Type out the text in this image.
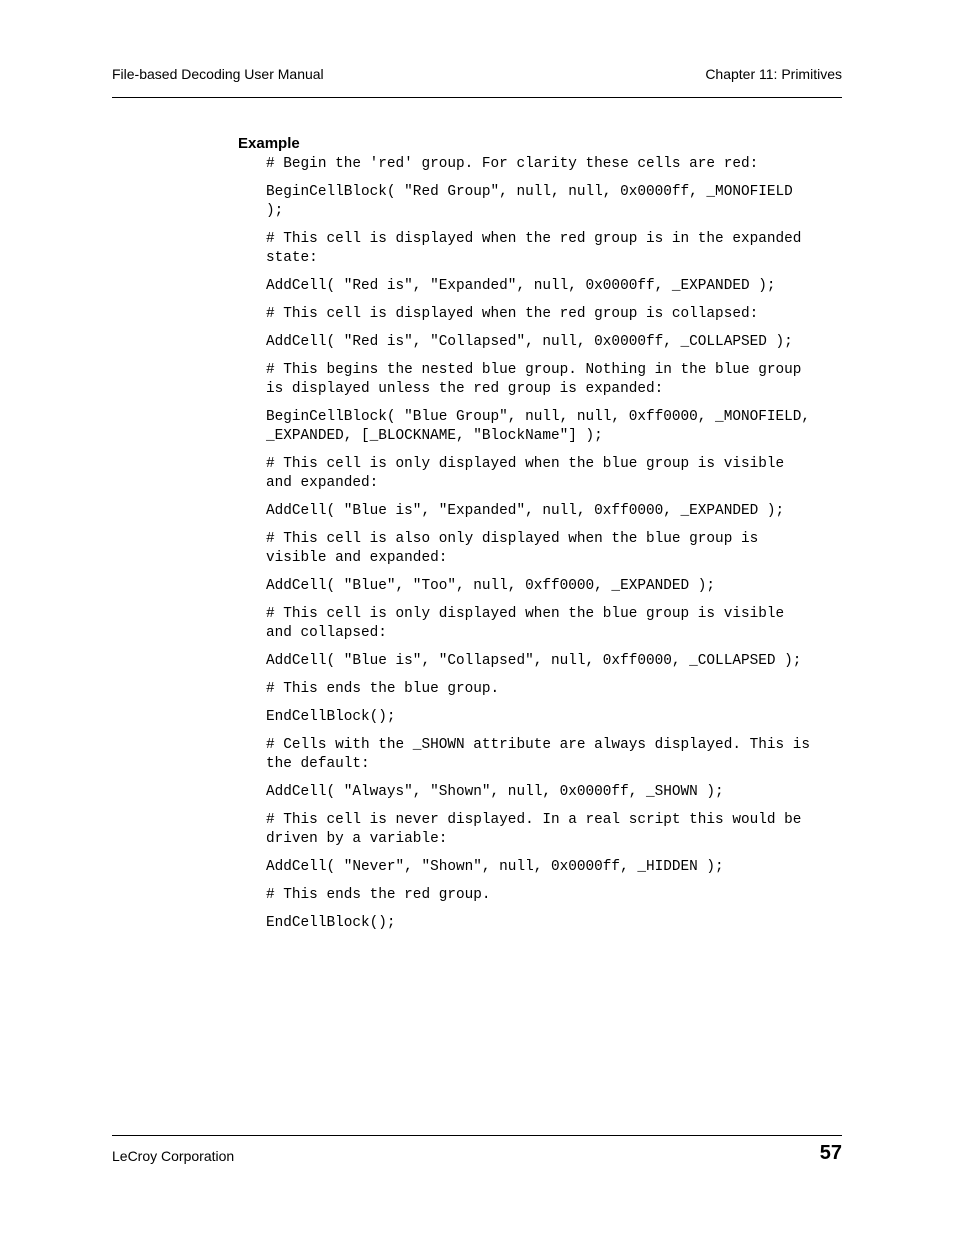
File-based Decoding User Manual	Chapter 11: Primitives
Example
# Begin the 'red' group. For clarity these cells are red:
BeginCellBlock( "Red Group", null, null, 0x0000ff, _MONOFIELD
);
# This cell is displayed when the red group is in the expanded
state:
AddCell( "Red is", "Expanded", null, 0x0000ff, _EXPANDED );
# This cell is displayed when the red group is collapsed:
AddCell( "Red is", "Collapsed", null, 0x0000ff, _COLLAPSED );
# This begins the nested blue group. Nothing in the blue group
is displayed unless the red group is expanded:
BeginCellBlock( "Blue Group", null, null, 0xff0000, _MONOFIELD,
_EXPANDED, [_BLOCKNAME, "BlockName"] );
# This cell is only displayed when the blue group is visible
and expanded:
AddCell( "Blue is", "Expanded", null, 0xff0000, _EXPANDED );
# This cell is also only displayed when the blue group is
visible and expanded:
AddCell( "Blue", "Too", null, 0xff0000, _EXPANDED );
# This cell is only displayed when the blue group is visible
and collapsed:
AddCell( "Blue is", "Collapsed", null, 0xff0000, _COLLAPSED );
# This ends the blue group.
EndCellBlock();
# Cells with the _SHOWN attribute are always displayed. This is
the default:
AddCell( "Always", "Shown", null, 0x0000ff, _SHOWN );
# This cell is never displayed. In a real script this would be
driven by a variable:
AddCell( "Never", "Shown", null, 0x0000ff, _HIDDEN );
# This ends the red group.
EndCellBlock();
LeCroy Corporation	57
